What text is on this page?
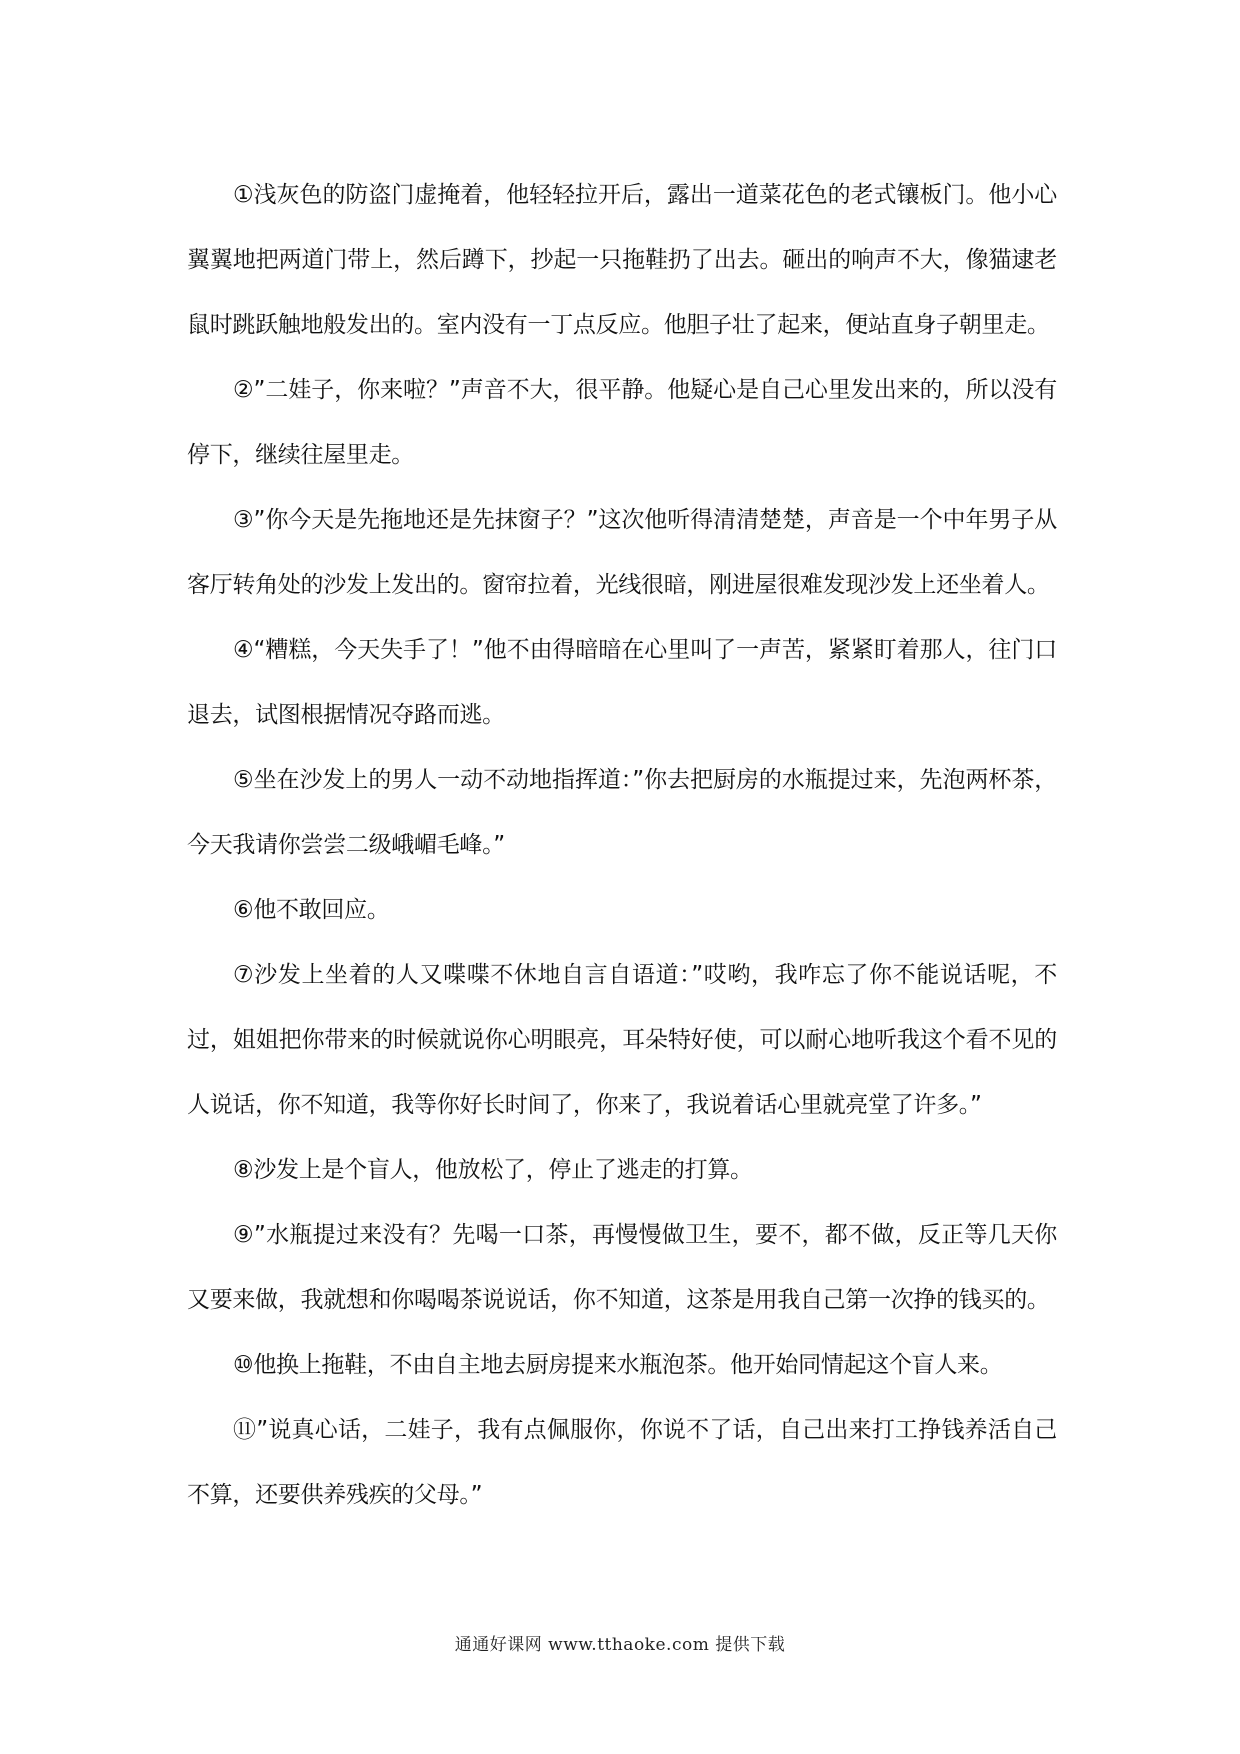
①浅灰色的防盗门虚掩着，他轻轻拉开后，露出一道菜花色的老式镶板门。他小心翼翼地把两道门带上，然后蹲下，抄起一只拖鞋扔了出去。砸出的响声不大，像猫逮老鼠时跳跃触地般发出的。室内没有一丁点反应。他胆子壮了起来，便站直身子朝里走。

②”二娃子，你来啦？”声音不大，很平静。他疑心是自己心里发出来的，所以没有停下，继续往屋里走。

③”你今天是先拖地还是先抹窗子？”这次他听得清清楚楚，声音是一个中年男子从客厅转角处的沙发上发出的。窗帘拉着，光线很暗，刚进屋很难发现沙发上还坐着人。

④“糟糕，今天失手了！”他不由得暗暗在心里叫了一声苦，紧紧盯着那人，往门口退去，试图根据情况夺路而逃。

⑤坐在沙发上的男人一动不动地指挥道：”你去把厨房的水瓶提过来，先泡两杯茶，今天我请你尝尝二级峨嵋毛峰。”

⑥他不敢回应。

⑦沙发上坐着的人又喋喋不休地自言自语道：”哎哟，我咋忘了你不能说话呢，不过，姐姐把你带来的时候就说你心明眼亮，耳朵特好使，可以耐心地听我这个看不见的人说话，你不知道，我等你好长时间了，你来了，我说着话心里就亮堂了许多。”

⑧沙发上是个盲人，他放松了，停止了逃走的打算。

⑨”水瓶提过来没有？先喝一口茶，再慢慢做卫生，要不，都不做，反正等几天你又要来做，我就想和你喝喝茶说说话，你不知道，这茶是用我自己第一次挣的钱买的。

⑩他换上拖鞋，不由自主地去厨房提来水瓶泡茶。他开始同情起这个盲人来。

⑪”说真心话，二娃子，我有点佩服你，你说不了话，自己出来打工挣钱养活自己不算，还要供养残疾的父母。”

通通好课网 www.tthaoke.com 提供下载
